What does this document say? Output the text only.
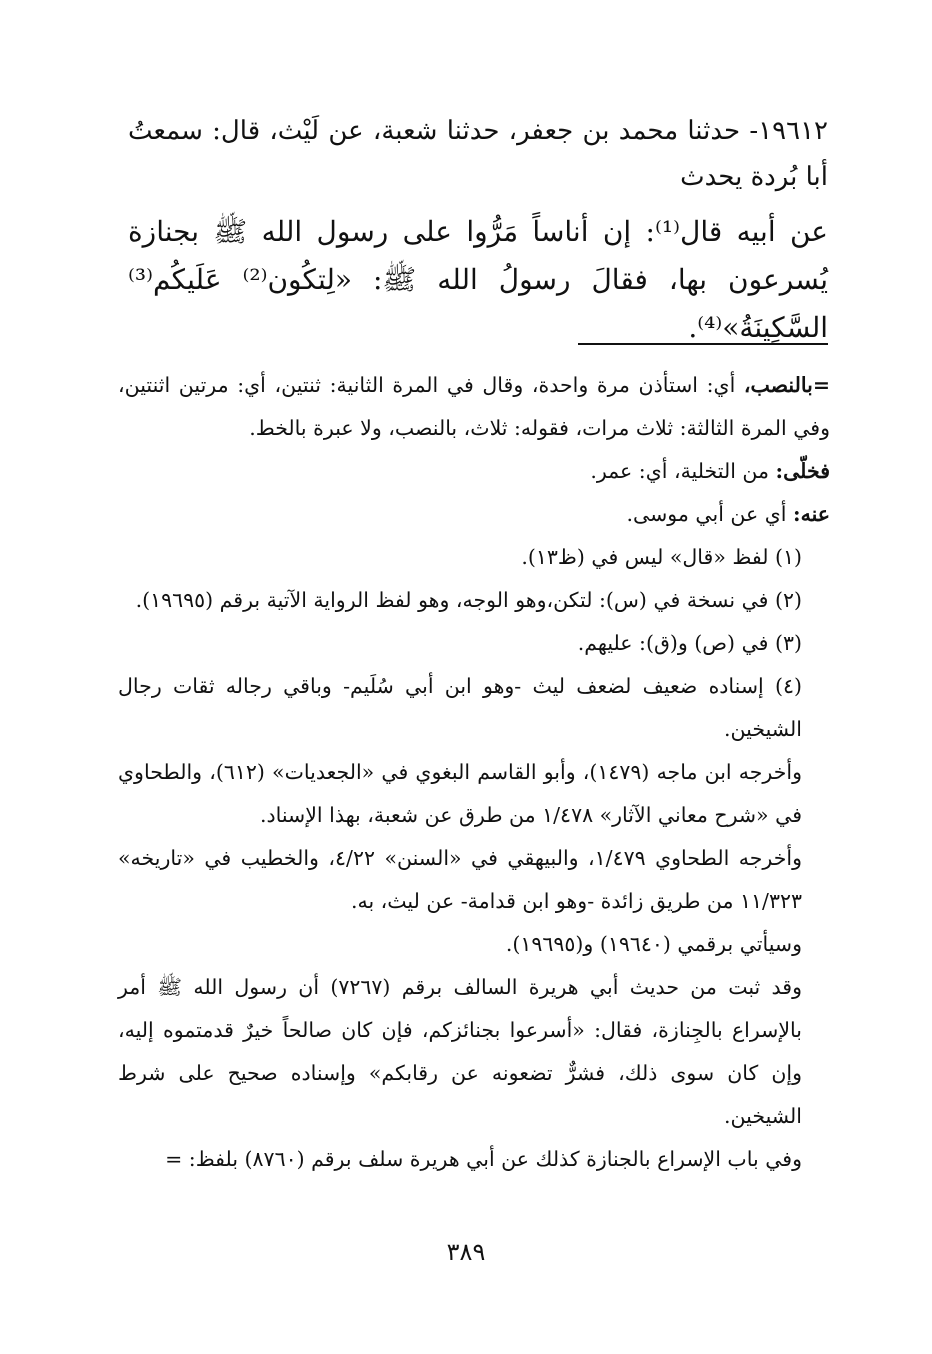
١٩٦١٢- حدثنا محمد بن جعفر، حدثنا شعبة، عن لَيْث، قال: سمعتُ أبا بُردة يحدث

عن أبيه قال⁽¹⁾: إن أناساً مَرُّوا على رسول الله ﷺ بجنازة يُسرعون بها، فقالَ رسولُ الله ﷺ: «لِتكُون⁽²⁾ عَلَيكُم⁽³⁾ السَّكِينَةُ»⁽⁴⁾.

=بالنصب، أي: استأذن مرة واحدة، وقال في المرة الثانية: ثنتين، أي: مرتين اثنتين، وفي المرة الثالثة: ثلاث مرات، فقوله: ثلاث، بالنصب، ولا عبرة بالخط.

فخلّى: من التخلية، أي: عمر.

عنه: أي عن أبي موسى.

(١) لفظ «قال» ليس في (ظ١٣).

(٢) في نسخة في (س): لتكن،وهو الوجه، وهو لفظ الرواية الآتية برقم (١٩٦٩٥).

(٣) في (ص) و(ق): عليهم.

(٤) إسناده ضعيف لضعف ليث -وهو ابن أبي سُلَيم- وباقي رجاله ثقات رجال الشيخين.

وأخرجه ابن ماجه (١٤٧٩)، وأبو القاسم البغوي في «الجعديات» (٦١٢)، والطحاوي في «شرح معاني الآثار» ١/٤٧٨ من طرق عن شعبة، بهذا الإسناد.

وأخرجه الطحاوي ١/٤٧٩، والبيهقي في «السنن» ٤/٢٢، والخطيب في «تاريخه» ١١/٣٢٣ من طريق زائدة -وهو ابن قدامة- عن ليث، به.

وسيأتي برقمي (١٩٦٤٠) و(١٩٦٩٥).

وقد ثبت من حديث أبي هريرة السالف برقم (٧٢٦٧) أن رسول الله ﷺ أمر بالإسراع بالجِنازة، فقال: «أسرعوا بجنائزكم، فإن كان صالحاً خيرٌ قدمتموه إليه، وإن كان سوى ذلك، فشرٌّ تضعونه عن رقابكم» وإسناده صحيح على شرط الشيخين.

وفي باب الإسراع بالجنازة كذلك عن أبي هريرة سلف برقم (٨٧٦٠) بلفظ: =

٣٨٩
